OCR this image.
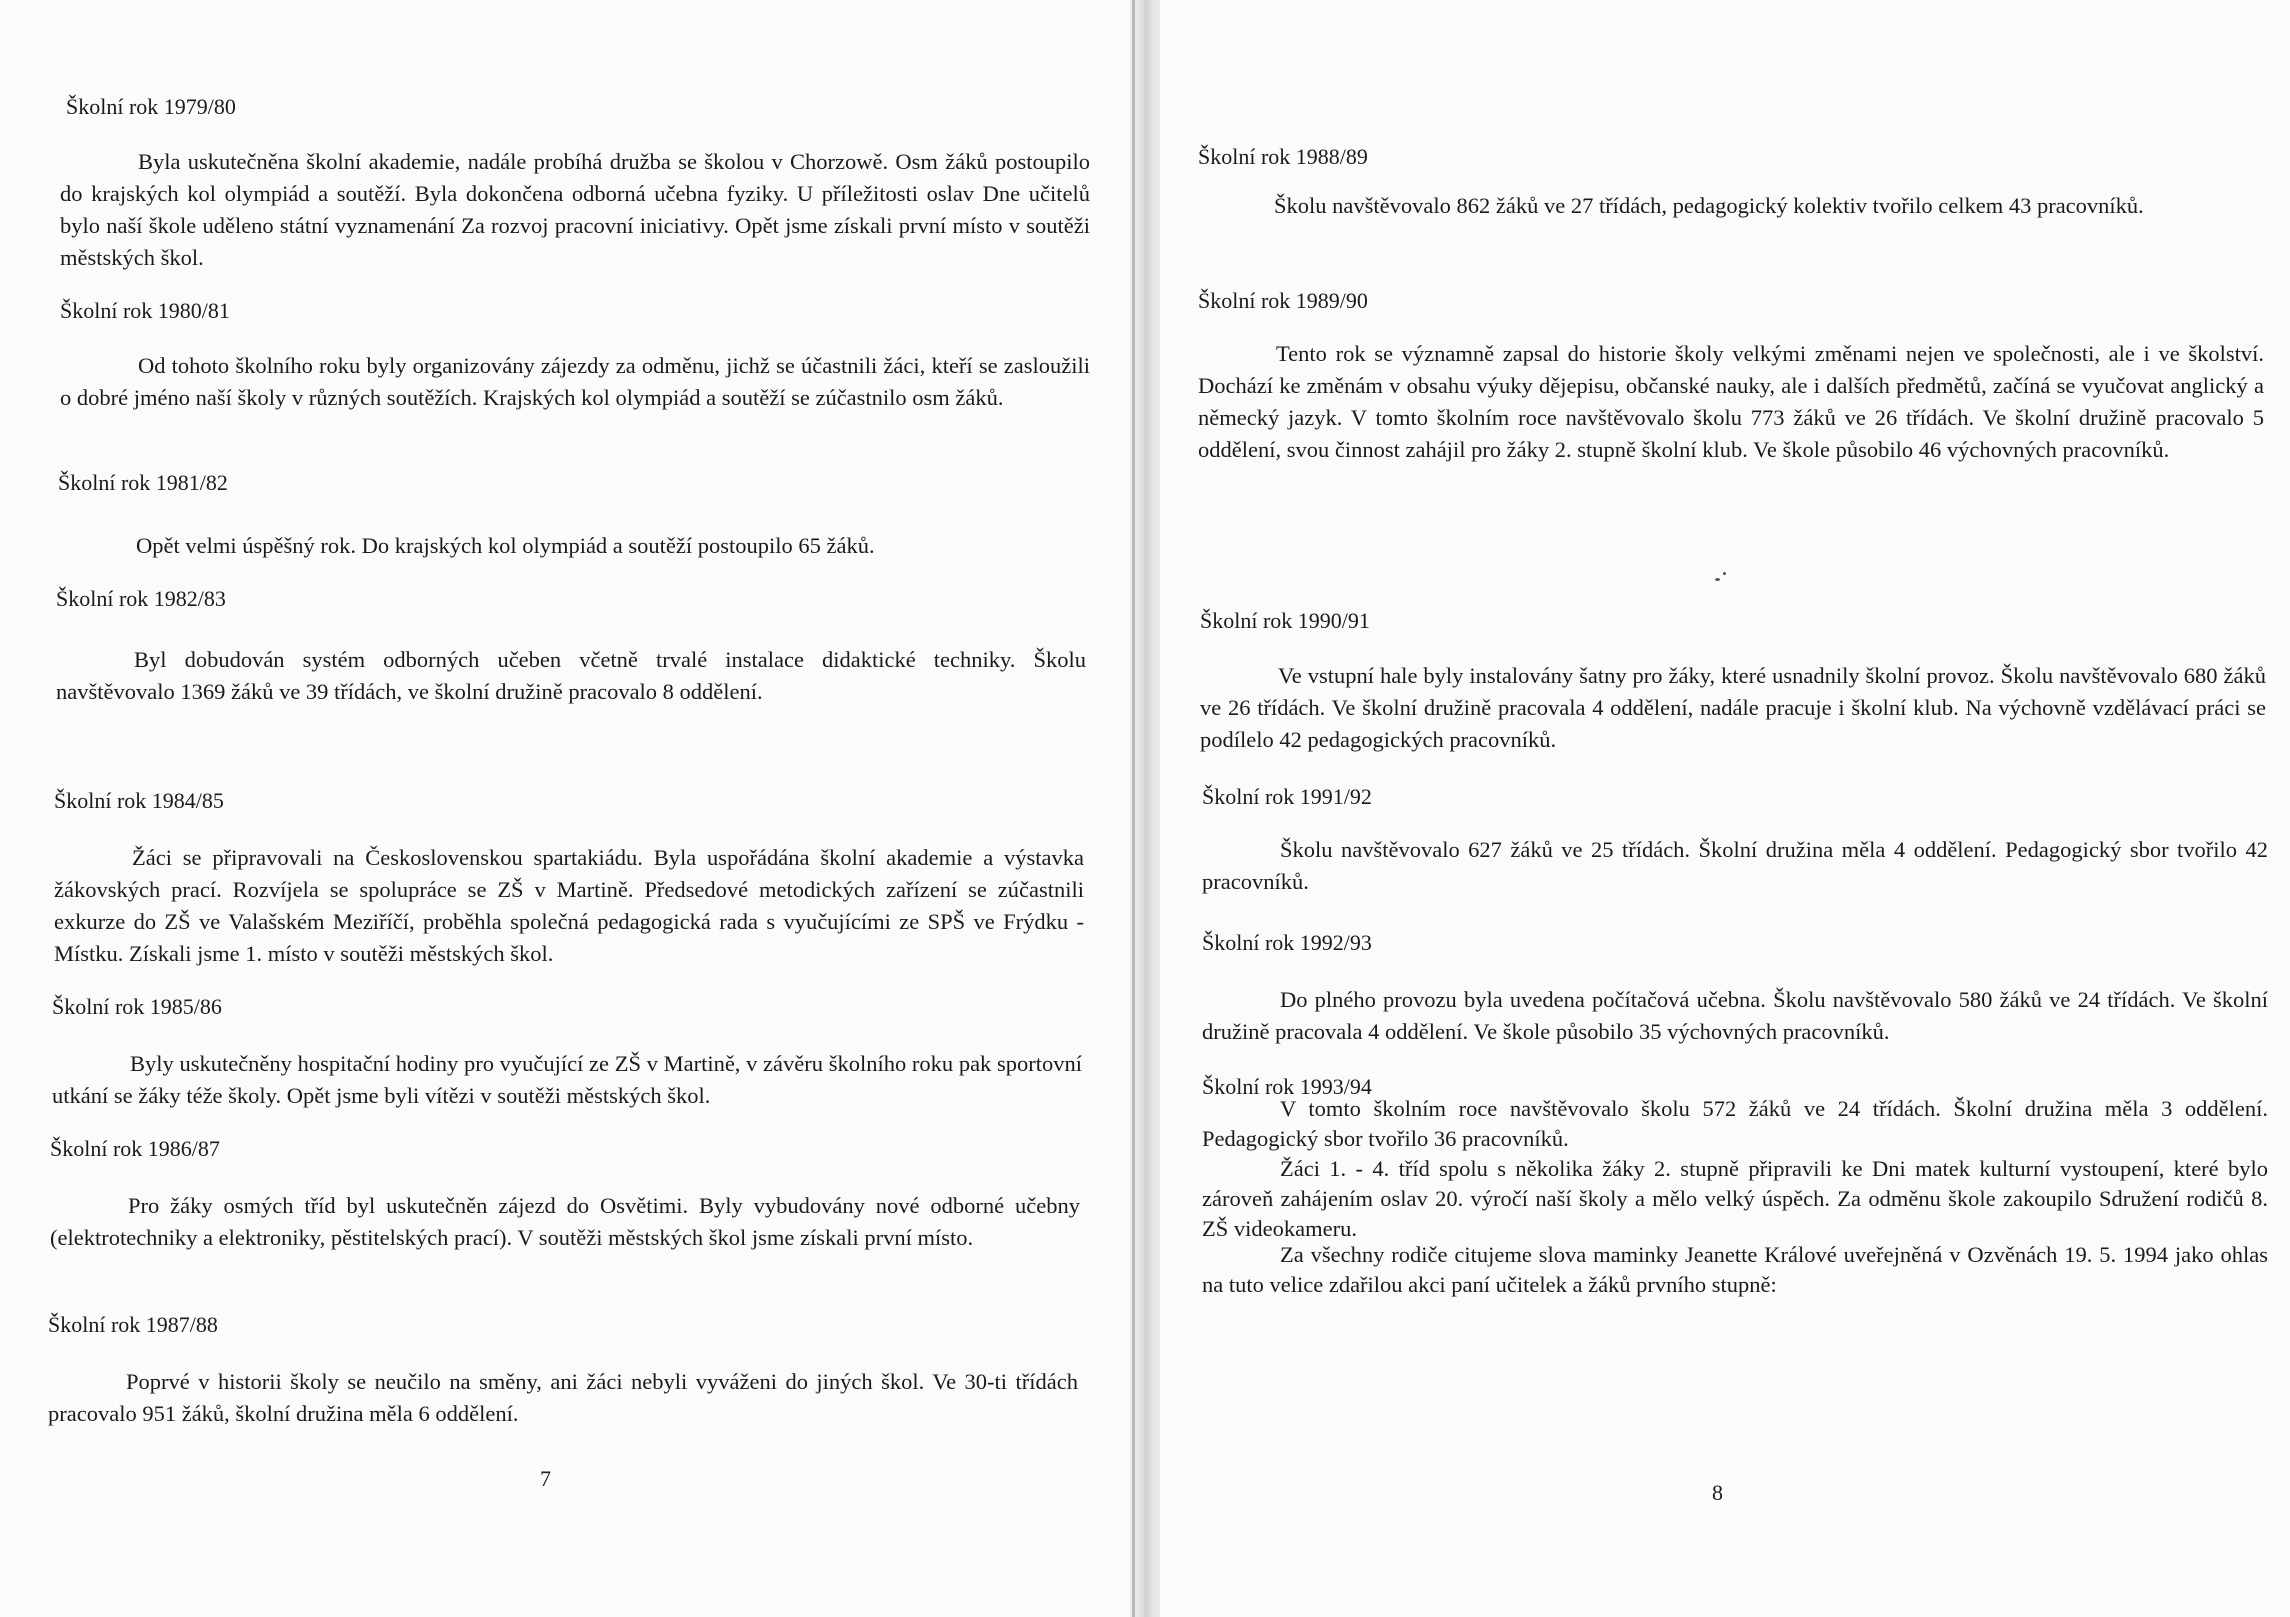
Školní rok 1979/80

Byla uskutečněna školní akademie, nadále probíhá družba se školou v Chorzowě. Osm žáků postoupilo do krajských kol olympiád a soutěží. Byla dokončena odborná učebna fyziky. U příležitosti oslav Dne učitelů bylo naší škole uděleno státní vyznamenání Za rozvoj pracovní iniciativy. Opět jsme získali první místo v soutěži městských škol.

Školní rok 1980/81

Od tohoto školního roku byly organizovány zájezdy za odměnu, jichž se účastnili žáci, kteří se zasloužili o dobré jméno naší školy v různých soutěžích. Krajských kol olympiád a soutěží se zúčastnilo osm žáků.

Školní rok 1981/82

Opět velmi úspěšný rok. Do krajských kol olympiád a soutěží postoupilo 65 žáků.

Školní rok 1982/83

Byl dobudován systém odborných učeben včetně trvalé instalace didaktické techniky. Školu navštěvovalo 1369 žáků ve 39 třídách, ve školní družině pracovalo 8 oddělení.

Školní rok 1984/85

Žáci se připravovali na Československou spartakiádu. Byla uspořádána školní akademie a výstavka žákovských prací. Rozvíjela se spolupráce se ZŠ v Martině. Předsedové metodických zařízení se zúčastnili exkurze do ZŠ ve Valašském Meziříčí, proběhla společná pedagogická rada s vyučujícími ze SPŠ ve Frýdku - Místku. Získali jsme 1. místo v soutěži městských škol.

Školní rok 1985/86

Byly uskutečněny hospitační hodiny pro vyučující ze ZŠ v Martině, v závěru školního roku pak sportovní utkání se žáky téže školy. Opět jsme byli vítězi v soutěži městských škol.

Školní rok 1986/87

Pro žáky osmých tříd byl uskutečněn zájezd do Osvětimi. Byly vybudovány nové odborné učebny (elektrotechniky a elektroniky, pěstitelských prací). V soutěži městských škol jsme získali první místo.

Školní rok 1987/88

Poprvé v historii školy se neučilo na směny, ani žáci nebyli vyváženi do jiných škol. Ve 30-ti třídách pracovalo 951 žáků, školní družina měla 6 oddělení.

7

Školní rok 1988/89

Školu navštěvovalo 862 žáků ve 27 třídách, pedagogický kolektiv tvořilo celkem 43 pracovníků.

Školní rok 1989/90

Tento rok se významně zapsal do historie školy velkými změnami nejen ve společnosti, ale i ve školství. Dochází ke změnám v obsahu výuky dějepisu, občanské nauky, ale i dalších předmětů, začíná se vyučovat anglický a německý jazyk. V tomto školním roce navštěvovalo školu 773 žáků ve 26 třídách. Ve školní družině pracovalo 5 oddělení, svou činnost zahájil pro žáky 2. stupně školní klub. Ve škole působilo 46 výchovných pracovníků.

Školní rok 1990/91

Ve vstupní hale byly instalovány šatny pro žáky, které usnadnily školní provoz. Školu navštěvovalo 680 žáků ve 26 třídách. Ve školní družině pracovala 4 oddělení, nadále pracuje i školní klub. Na výchovně vzdělávací práci se podílelo 42 pedagogických pracovníků.

Školní rok 1991/92

Školu navštěvovalo 627 žáků ve 25 třídách. Školní družina měla 4 oddělení. Pedagogický sbor tvořilo 42 pracovníků.

Školní rok 1992/93

Do plného provozu byla uvedena počítačová učebna. Školu navštěvovalo 580 žáků ve 24 třídách. Ve školní družině pracovala 4 oddělení. Ve škole působilo 35 výchovných pracovníků.

Školní rok 1993/94

V tomto školním roce navštěvovalo školu 572 žáků ve 24 třídách. Školní družina měla 3 oddělení. Pedagogický sbor tvořilo 36 pracovníků.

Žáci 1. - 4. tříd spolu s několika žáky 2. stupně připravili ke Dni matek kulturní vystoupení, které bylo zároveň zahájením oslav 20. výročí naší školy a mělo velký úspěch. Za odměnu škole zakoupilo Sdružení rodičů 8. ZŠ videokameru.

Za všechny rodiče citujeme slova maminky Jeanette Králové uveřejněná v Ozvěnách 19. 5. 1994 jako ohlas na tuto velice zdařilou akci paní učitelek a žáků prvního stupně:

8
